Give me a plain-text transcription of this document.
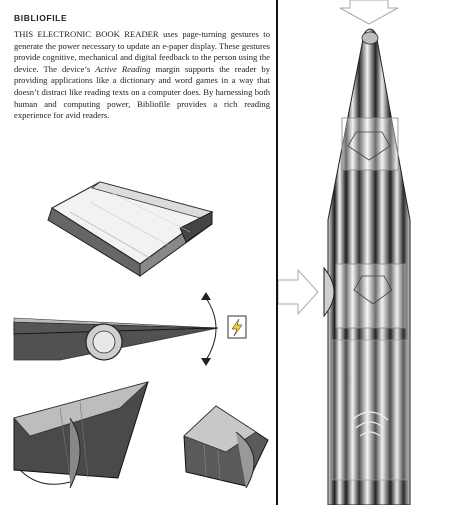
BIBLIOFILE

THIS ELECTRONIC BOOK READER uses page-turning gestures to generate the power necessary to update an e-paper display. These gestures provide cognitive, mechanical and digital feedback to the person using the device. The device’s Active Reading margin supports the reader by providing applications like a dictionary and word games in a way that doesn’t distract like reading texts on a computer does. By harnessing both human and computing power, Bibliofile provides a rich reading experience for avid readers.
